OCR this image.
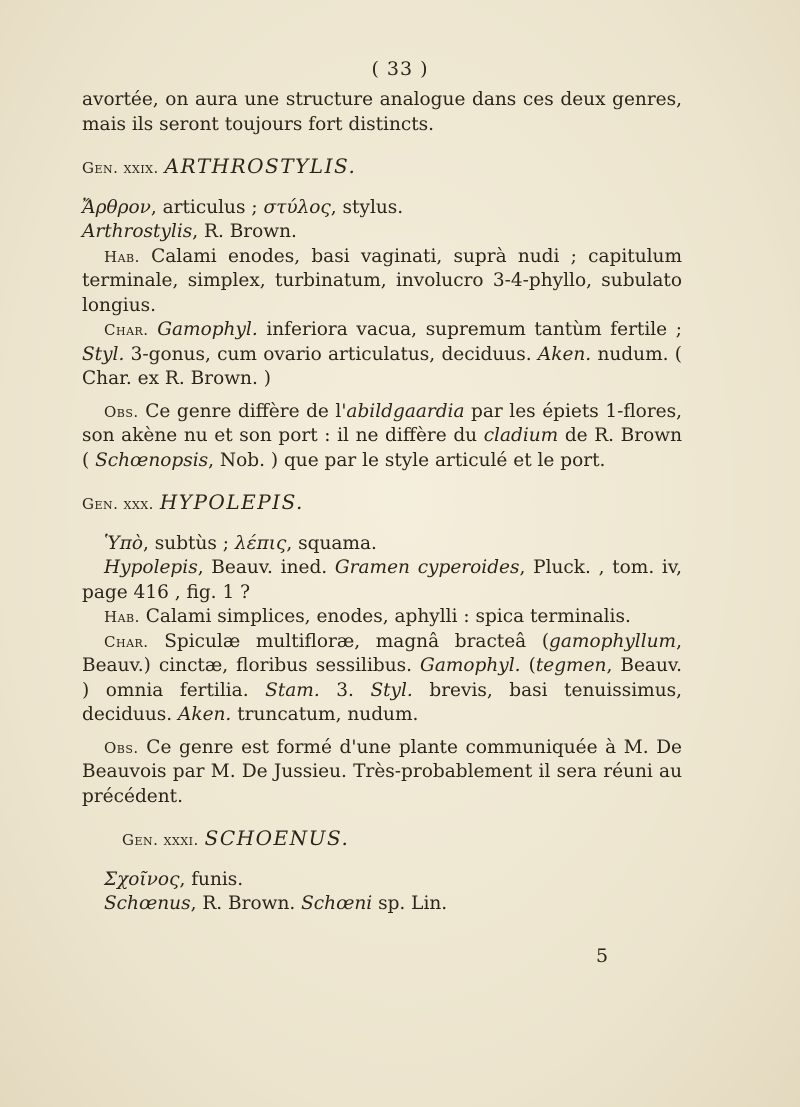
( 33 )

avortée, on aura une structure analogue dans ces deux genres, mais ils seront toujours fort distincts.

Gen. xxix. ARTHROSTYLIS.

Ἄρθρον, articulus ; στύλος, stylus.

Arthrostylis, R. Brown.

Hab. Calami enodes, basi vaginati, suprà nudi ; capitulum terminale, simplex, turbinatum, involucro 3-4-phyllo, subulato longius.

Char. Gamophyl. inferiora vacua, supremum tantùm fertile ; Styl. 3-gonus, cum ovario articulatus, deciduus. Aken. nudum. ( Char. ex R. Brown. )

Obs. Ce genre diffère de l'abildgaardia par les épiets 1-flores, son akène nu et son port : il ne diffère du cladium de R. Brown ( Schœnopsis, Nob. ) que par le style articulé et le port.

Gen. xxx. HYPOLEPIS.

Ὑπὸ, subtùs ; λέπις, squama.

Hypolepis, Beauv. ined. Gramen cyperoides, Pluck. , tom. iv, page 416 , fig. 1 ?

Hab. Calami simplices, enodes, aphylli : spica terminalis.

Char. Spiculæ multifloræ, magnâ bracteâ (gamophyllum, Beauv.) cinctæ, floribus sessilibus. Gamophyl. (tegmen, Beauv. ) omnia fertilia. Stam. 3. Styl. brevis, basi tenuissimus, deciduus. Aken. truncatum, nudum.

Obs. Ce genre est formé d'une plante communiquée à M. De Beauvois par M. De Jussieu. Très-probablement il sera réuni au précédent.

Gen. xxxi. SCHOENUS.

Σχοῖνος, funis.

Schœnus, R. Brown. Schœni sp. Lin.

5
